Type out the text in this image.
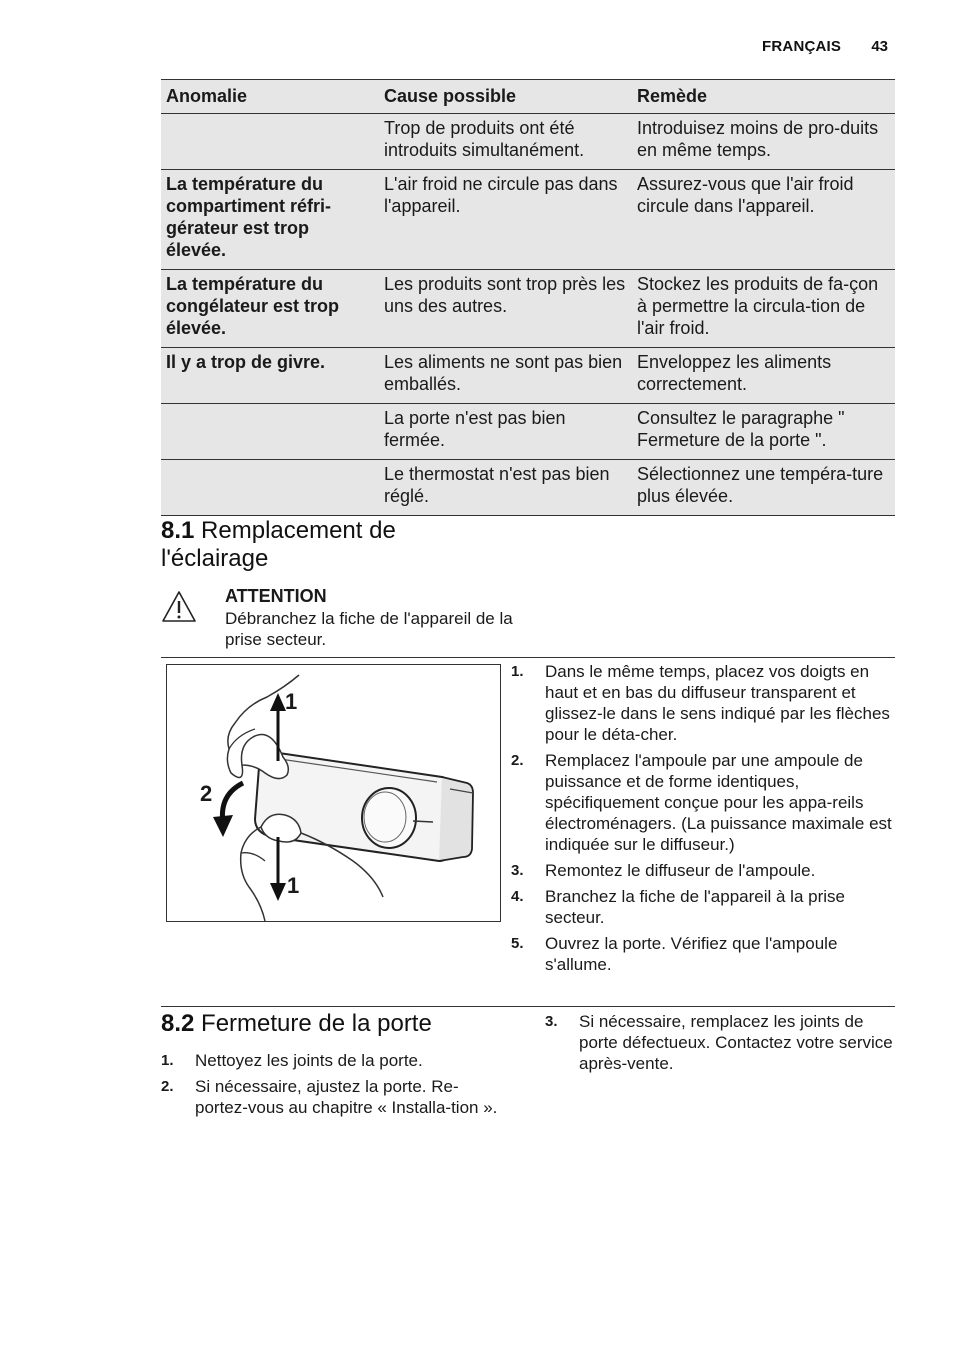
FRANÇAIS 43
Anomalie	Cause possible	Remède
	Trop de produits ont été introduits simultanément.	Introduisez moins de pro-duits en même temps.
La température du compartiment réfri-gérateur est trop élevée.	L'air froid ne circule pas dans l'appareil.	Assurez-vous que l'air froid circule dans l'appareil.
La température du congélateur est trop élevée.	Les produits sont trop près les uns des autres.	Stockez les produits de fa-çon à permettre la circula-tion de l'air froid.
Il y a trop de givre.	Les aliments ne sont pas bien emballés.	Enveloppez les aliments correctement.
	La porte n'est pas bien fermée.	Consultez le paragraphe " Fermeture de la porte ".
	Le thermostat n'est pas bien réglé.	Sélectionnez une tempéra-ture plus élevée.
8.1 Remplacement de l'éclairage
ATTENTION
Débranchez la fiche de l'appareil de la prise secteur.
1
2
1
1. Dans le même temps, placez vos doigts en haut et en bas du diffuseur transparent et glissez-le dans le sens indiqué par les flèches pour le déta-cher.
2. Remplacez l'ampoule par une ampoule de puissance et de forme identiques, spécifiquement conçue pour les appa-reils électroménagers. (La puissance maximale est indiquée sur le diffuseur.)
3. Remontez le diffuseur de l'ampoule.
4. Branchez la fiche de l'appareil à la prise secteur.
5. Ouvrez la porte. Vérifiez que l'ampoule s'allume.
8.2 Fermeture de la porte
1. Nettoyez les joints de la porte.
2. Si nécessaire, ajustez la porte. Re-portez-vous au chapitre « Installa-tion ».
3. Si nécessaire, remplacez les joints de porte défectueux. Contactez votre service après-vente.
